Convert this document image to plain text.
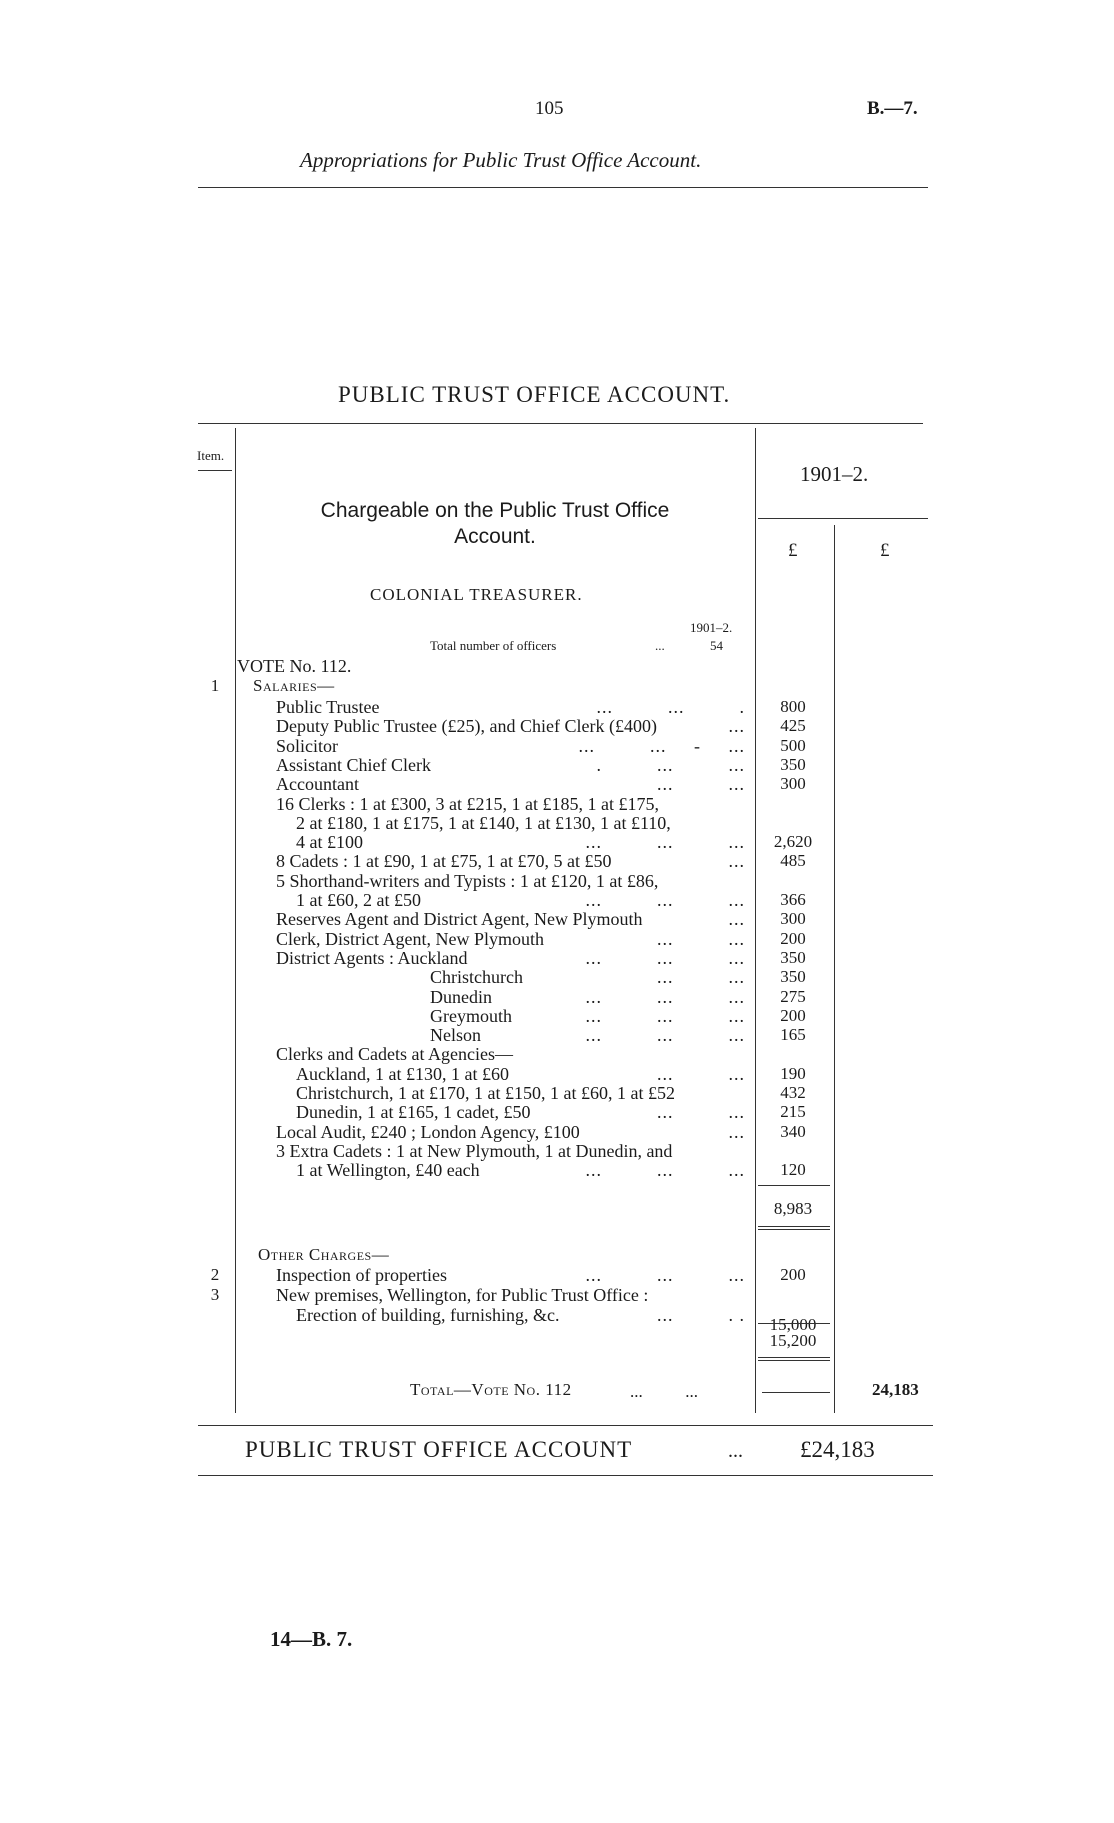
105	B.—7.
Appropriations for Public Trust Office Account.
PUBLIC TRUST OFFICE ACCOUNT.
Item.
1901–2.
Chargeable on the Public Trust Office
Account.
£	£
COLONIAL TREASURER.
1901–2.
Total number of officers	...	54
VOTE No. 112.
1	Salaries—
Public Trustee	...          ...          .	800
Deputy Public Trustee (£25), and Chief Clerk (£400)	...	425
Solicitor	...          ...     -     ...	500
Assistant Chief Clerk	.          ...          ...	350
Accountant	...          ...	300
16 Clerks : 1 at £300, 3 at £215, 1 at £185, 1 at £175,
2 at £180, 1 at £175, 1 at £140, 1 at £130, 1 at £110,
4 at £100	...          ...          ...	2,620
8 Cadets : 1 at £90, 1 at £75, 1 at £70, 5 at £50	...	485
5 Shorthand-writers and Typists : 1 at £120, 1 at £86,
1 at £60, 2 at £50	...          ...          ...	366
Reserves Agent and District Agent, New Plymouth	...	300
Clerk, District Agent, New Plymouth	...          ...	200
District Agents : Auckland	...          ...          ...	350
Christchurch	...          ...	350
Dunedin	...          ...          ...	275
Greymouth	...          ...          ...	200
Nelson	...          ...          ...	165
Clerks and Cadets at Agencies—
Auckland, 1 at £130, 1 at £60	...          ...	190
Christchurch, 1 at £170, 1 at £150, 1 at £60, 1 at £52	432
Dunedin, 1 at £165, 1 cadet, £50	...          ...	215
Local Audit, £240 ; London Agency, £100	...	340
3 Extra Cadets : 1 at New Plymouth, 1 at Dunedin, and
1 at Wellington, £40 each	...          ...          ...	120
8,983
Other Charges—
2	Inspection of properties	...          ...          ...	200
3	New premises, Wellington, for Public Trust Office :
Erection of building, furnishing, &c.	...          . .	15,000
15,200
Total—Vote No. 112	...          ...	24,183
PUBLIC TRUST OFFICE ACCOUNT	... £24,183
14—B. 7.
